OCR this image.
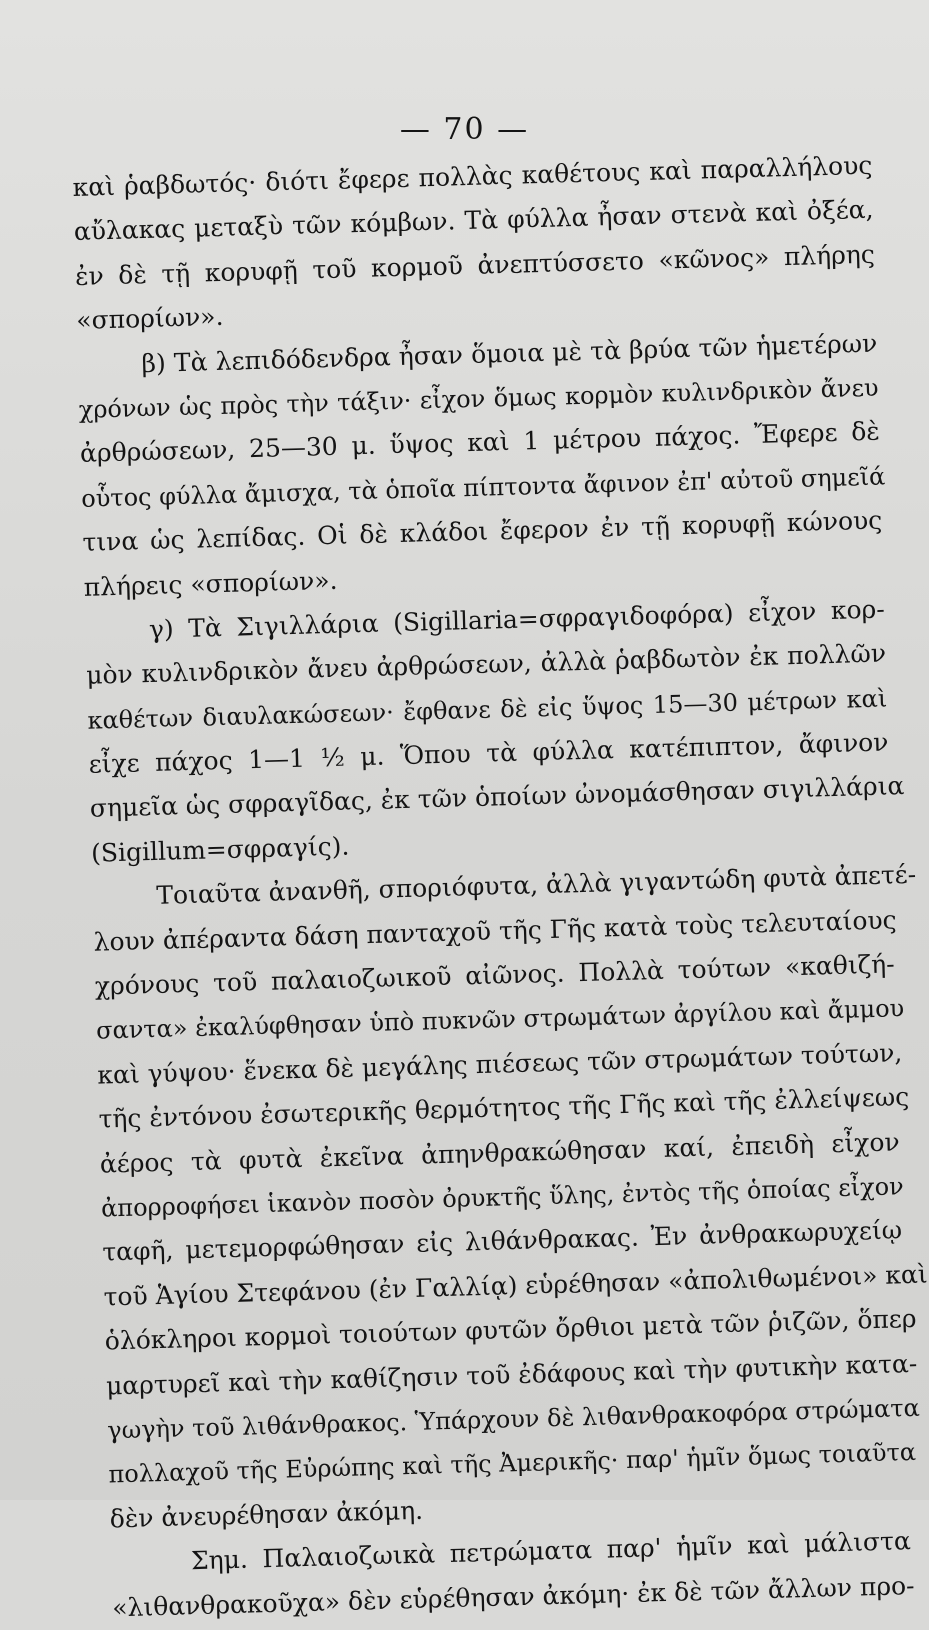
— 70 —
καὶ ῥαβδωτός· διότι ἔφερε πολλὰς καθέτους καὶ παραλλήλους
αὔλακας μεταξὺ τῶν κόμβων. Τὰ φύλλα ἦσαν στενὰ καὶ ὀξέα,
ἐν δὲ τῇ κορυφῇ τοῦ κορμοῦ ἀνεπτύσσετο «κῶνος» πλήρης
«σπορίων».
β) Τὰ λεπιδόδενδρα ἦσαν ὅμοια μὲ τὰ βρύα τῶν ἡμετέρων
χρόνων ὡς πρὸς τὴν τάξιν· εἶχον ὅμως κορμὸν κυλινδρικὸν ἄνευ
ἀρθρώσεων, 25—30 μ. ὕψος καὶ 1 μέτρου πάχος. Ἔφερε δὲ
οὗτος φύλλα ἄμισχα, τὰ ὁποῖα πίπτοντα ἄφινον ἐπ' αὐτοῦ σημεῖά
τινα ὡς λεπίδας. Οἱ δὲ κλάδοι ἔφερον ἐν τῇ κορυφῇ κώνους
πλήρεις «σπορίων».
γ) Τὰ Σιγιλλάρια (Sigillaria=σφραγιδοφόρα) εἶχον κορ-
μὸν κυλινδρικὸν ἄνευ ἀρθρώσεων, ἀλλὰ ῥαβδωτὸν ἐκ πολλῶν
καθέτων διαυλακώσεων· ἔφθανε δὲ εἰς ὕψος 15—30 μέτρων καὶ
εἶχε πάχος 1—1 ½ μ. Ὅπου τὰ φύλλα κατέπιπτον, ἄφινον
σημεῖα ὡς σφραγῖδας, ἐκ τῶν ὁποίων ὠνομάσθησαν σιγιλλάρια
(Sigillum=σφραγίς).
Τοιαῦτα ἀνανθῆ, σποριόφυτα, ἀλλὰ γιγαντώδη φυτὰ ἀπετέ-
λουν ἀπέραντα δάση πανταχοῦ τῆς Γῆς κατὰ τοὺς τελευταίους
χρόνους τοῦ παλαιοζωικοῦ αἰῶνος. Πολλὰ τούτων «καθιζή-
σαντα» ἐκαλύφθησαν ὑπὸ πυκνῶν στρωμάτων ἀργίλου καὶ ἄμμου
καὶ γύψου· ἕνεκα δὲ μεγάλης πιέσεως τῶν στρωμάτων τούτων,
τῆς ἐντόνου ἐσωτερικῆς θερμότητος τῆς Γῆς καὶ τῆς ἐλλείψεως
ἀέρος τὰ φυτὰ ἐκεῖνα ἀπηνθρακώθησαν καί, ἐπειδὴ εἶχον
ἀπορροφήσει ἱκανὸν ποσὸν ὀρυκτῆς ὕλης, ἐντὸς τῆς ὁποίας εἶχον
ταφῆ, μετεμορφώθησαν εἰς λιθάνθρακας. Ἐν ἀνθρακωρυχείῳ
τοῦ Ἁγίου Στεφάνου (ἐν Γαλλίᾳ) εὑρέθησαν «ἀπολιθωμένοι» καὶ
ὁλόκληροι κορμοὶ τοιούτων φυτῶν ὄρθιοι μετὰ τῶν ῥιζῶν, ὅπερ
μαρτυρεῖ καὶ τὴν καθίζησιν τοῦ ἐδάφους καὶ τὴν φυτικὴν κατα-
γωγὴν τοῦ λιθάνθρακος. Ὑπάρχουν δὲ λιθανθρακοφόρα στρώματα
πολλαχοῦ τῆς Εὐρώπης καὶ τῆς Ἀμερικῆς· παρ' ἡμῖν ὅμως τοιαῦτα
δὲν ἀνευρέθησαν ἀκόμη.
Σημ. Παλαιοζωικὰ πετρώματα παρ' ἡμῖν καὶ μάλιστα
«λιθανθρακοῦχα» δὲν εὑρέθησαν ἀκόμη· ἐκ δὲ τῶν ἄλλων προ-
